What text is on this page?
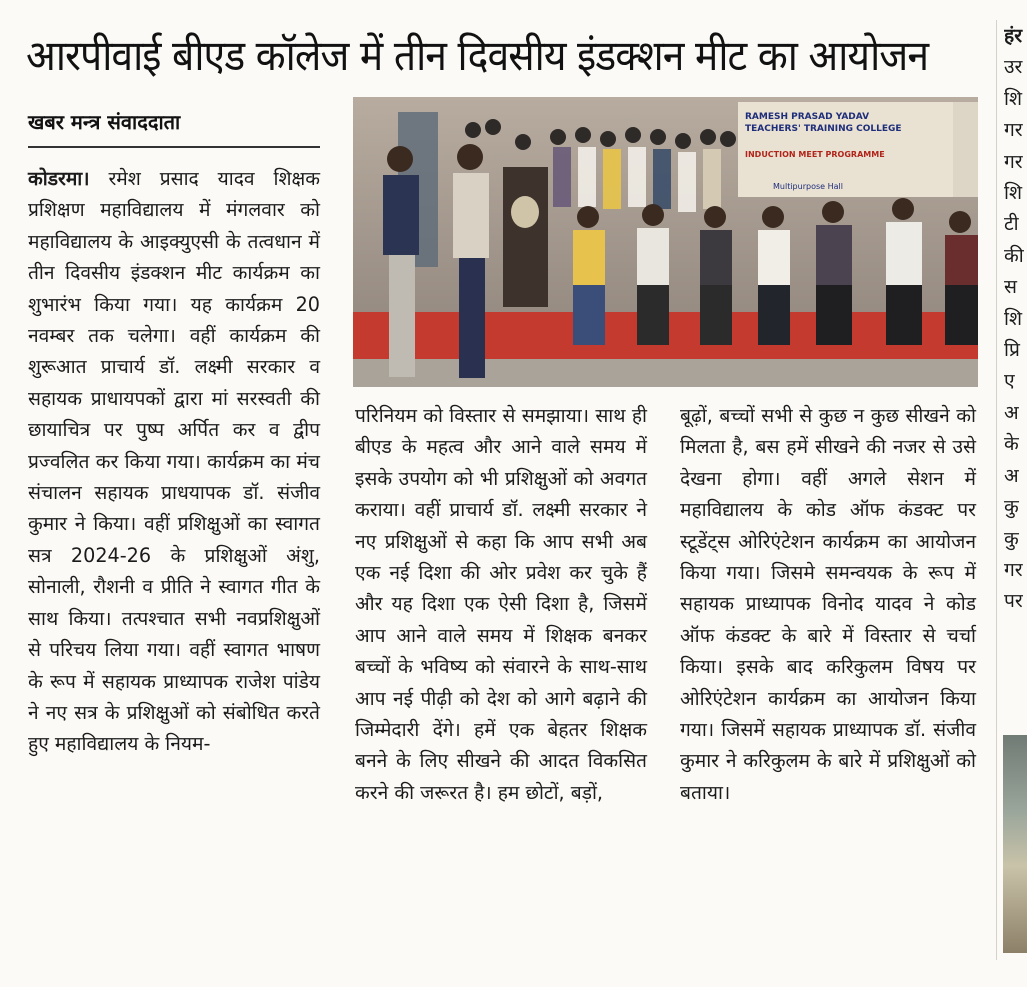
आरपीवाई बीएड कॉलेज में तीन दिवसीय इंडक्शन मीट का आयोजन
खबर मन्त्र संवाददाता

कोडरमा। रमेश प्रसाद यादव शिक्षक प्रशिक्षण महाविद्यालय में मंगलवार को महाविद्यालय के आइक्युएसी के तत्वधान में तीन दिवसीय इंडक्शन मीट कार्यक्रम का शुभारंभ किया गया। यह कार्यक्रम 20 नवम्बर तक चलेगा। वहीं कार्यक्रम की शुरूआत प्राचार्य डॉ. लक्ष्मी सरकार व सहायक प्राधायपकों द्वारा मां सरस्वती की छायाचित्र पर पुष्प अर्पित कर व द्वीप प्रज्वलित कर किया गया। कार्यक्रम का मंच संचालन सहायक प्राधयापक डॉ. संजीव कुमार ने किया। वहीं प्रशिक्षुओं का स्वागत सत्र 2024-26 के प्रशिक्षुओं अंशु, सोनाली, रौशनी व प्रीति ने स्वागत गीत के साथ किया। तत्पश्चात सभी नवप्रशिक्षुओं से परिचय लिया गया। वहीं स्वागत भाषण के रूप में सहायक प्राध्यापक राजेश पांडेय ने नए सत्र के प्रशिक्षुओं को संबोधित करते हुए महाविद्यालय के नियम-

RAMESH PRASAD YADAV
TEACHERS' TRAINING COLLEGE
INDUCTION MEET PROGRAMME
Multipurpose Hall

परिनियम को विस्तार से समझाया। साथ ही बीएड के महत्व और आने वाले समय में इसके उपयोग को भी प्रशिक्षुओं को अवगत कराया। वहीं प्राचार्य डॉ. लक्ष्मी सरकार ने नए प्रशिक्षुओं से कहा कि आप सभी अब एक नई दिशा की ओर प्रवेश कर चुके हैं और यह दिशा एक ऐसी दिशा है, जिसमें आप आने वाले समय में शिक्षक बनकर बच्चों के भविष्य को संवारने के साथ-साथ आप नई पीढ़ी को देश को आगे बढ़ाने की जिम्मेदारी देंगे। हमें एक बेहतर शिक्षक बनने के लिए सीखने की आदत विकसित करने की जरूरत है। हम छोटों, बड़ों,

बूढ़ों, बच्चों सभी से कुछ न कुछ सीखने को मिलता है, बस हमें सीखने की नजर से उसे देखना होगा। वहीं अगले सेशन में महाविद्यालय के कोड ऑफ कंडक्ट पर स्टूडेंट्स ओरिएंटेशन कार्यक्रम का आयोजन किया गया। जिसमे समन्वयक के रूप में सहायक प्राध्यापक विनोद यादव ने कोड ऑफ कंडक्ट के बारे में विस्तार से चर्चा किया। इसके बाद करिकुलम विषय पर ओरिएंटेशन कार्यक्रम का आयोजन किया गया। जिसमें सहायक प्राध्यापक डॉ. संजीव कुमार ने करिकुलम के बारे में प्रशिक्षुओं को बताया।

हंर
उर
शि
गर
गर
शि
टी
की
स
शि
प्रि
ए
अ
के
अ
कु
कु
गर
पर
